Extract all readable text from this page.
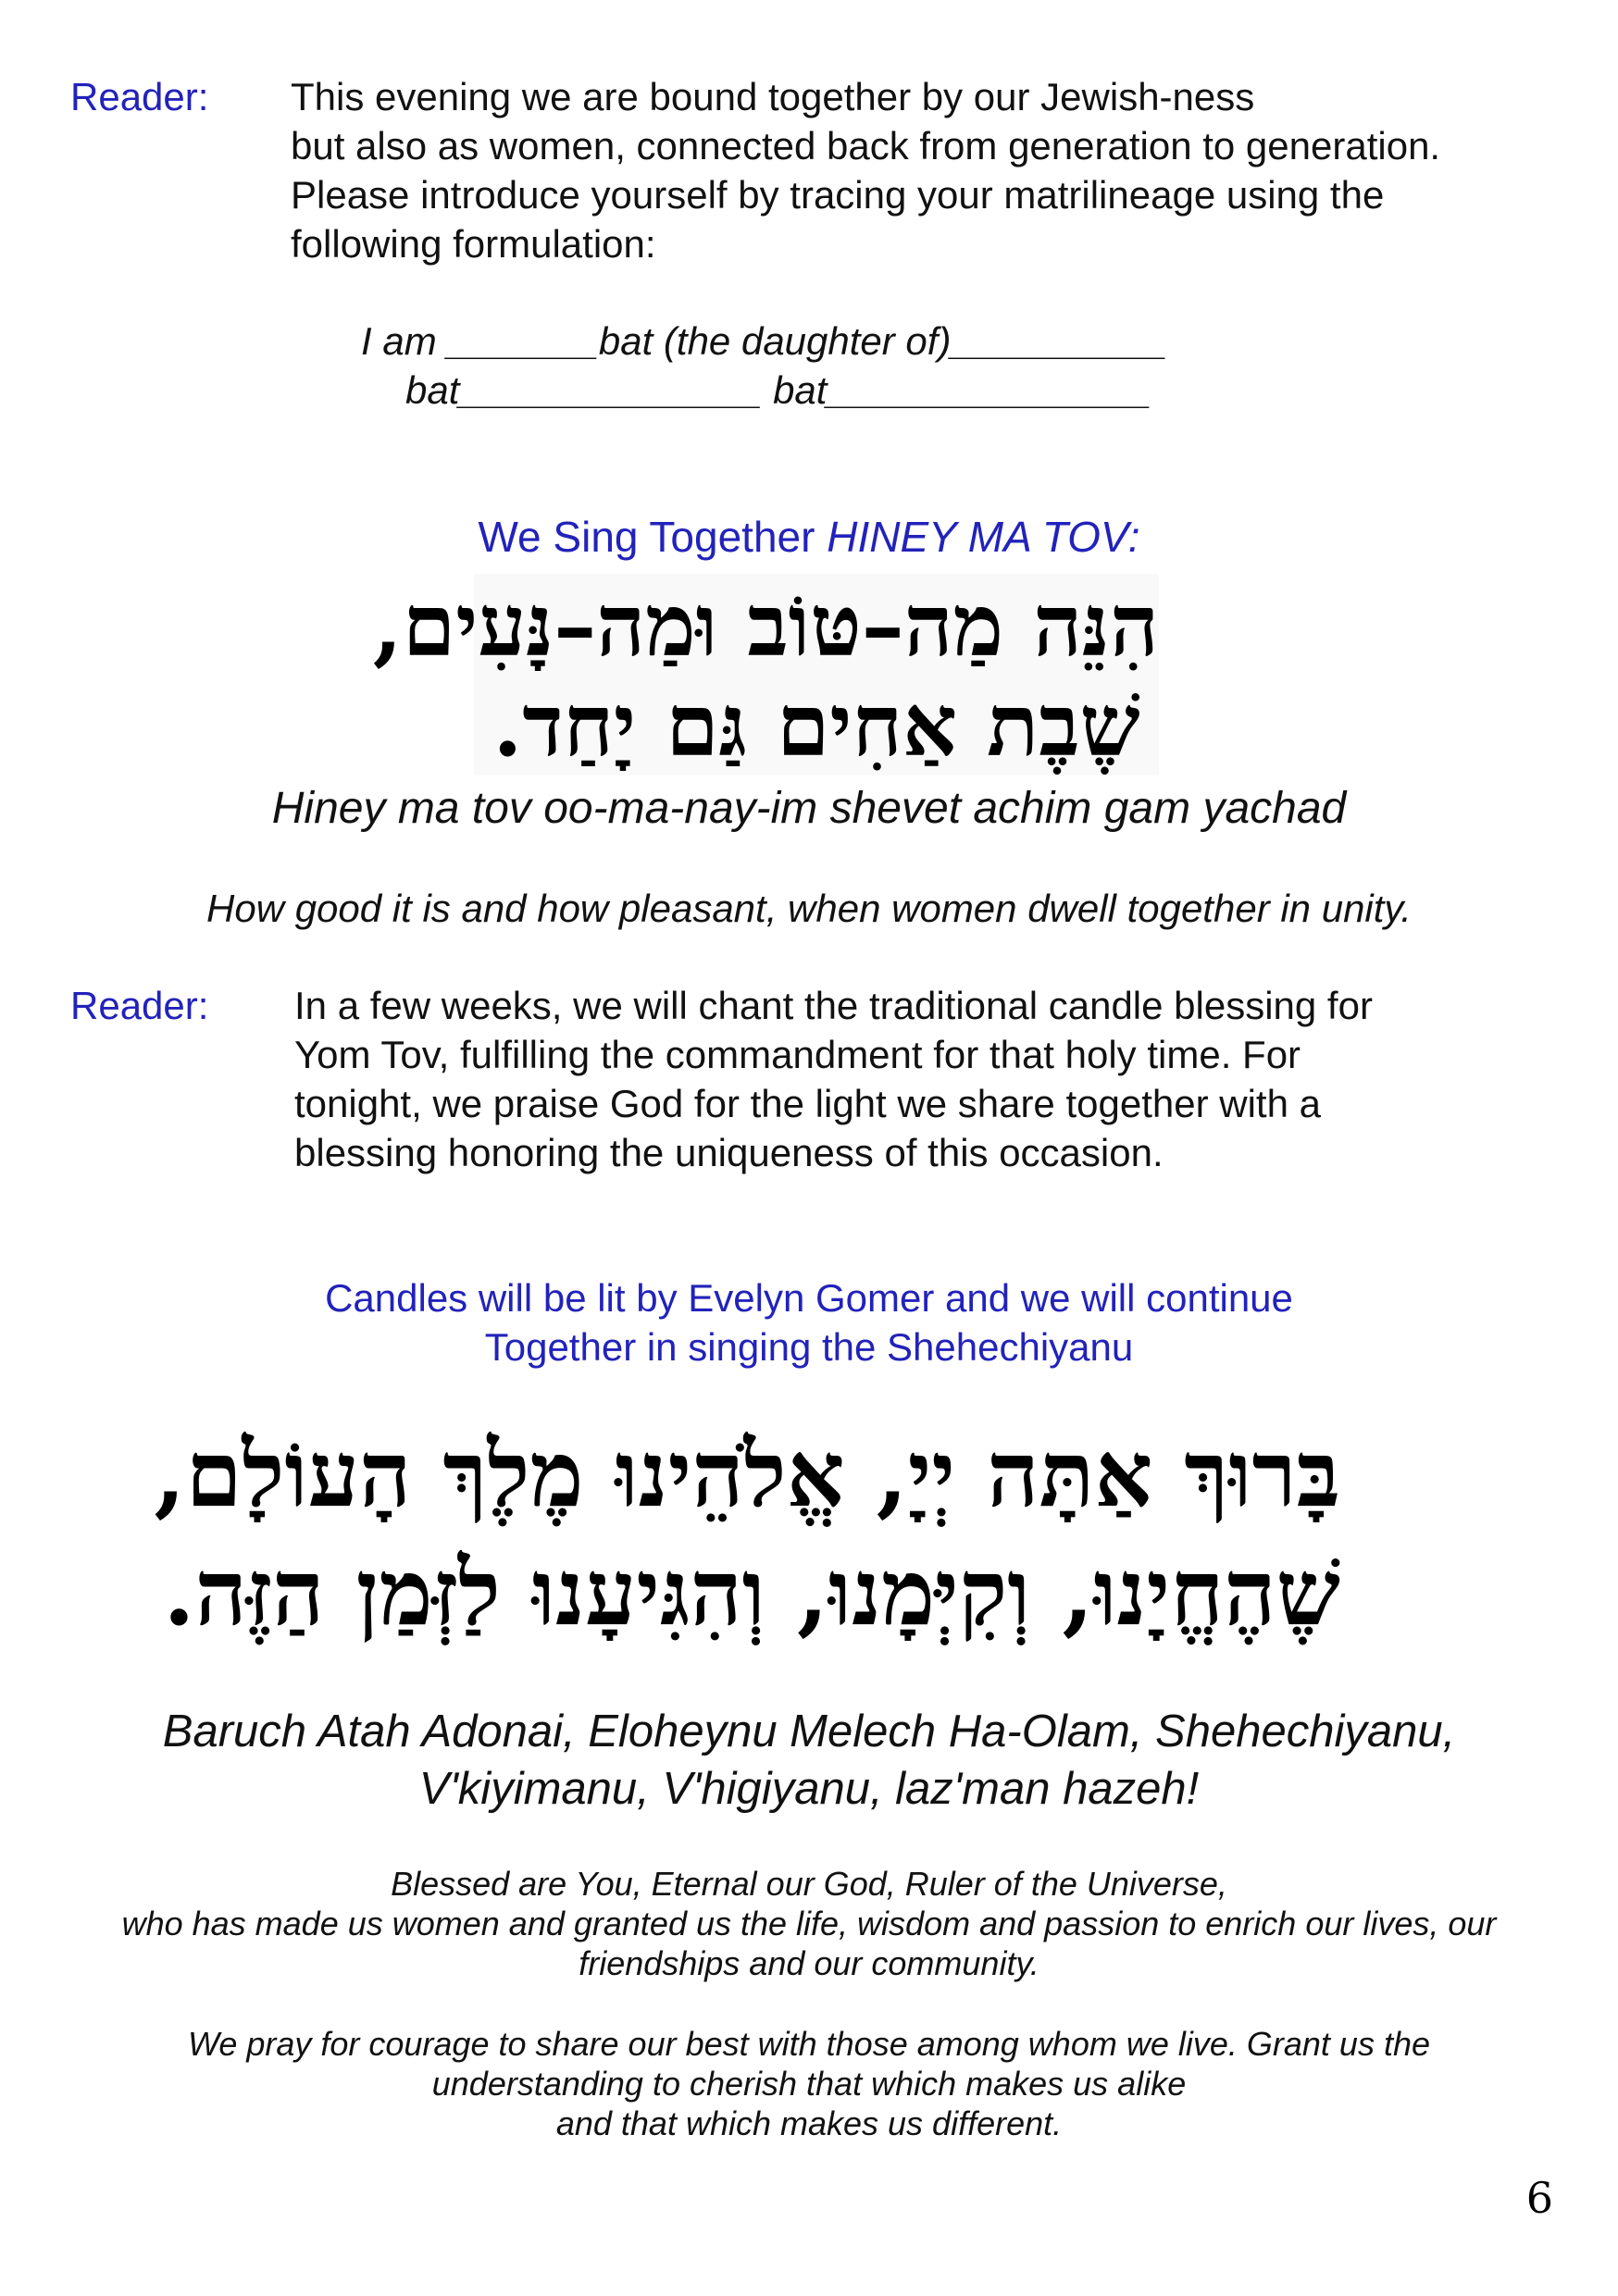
Reader: This evening we are bound together by our Jewish-ness
but also as women, connected back from generation to generation.
Please introduce yourself by tracing your matrilineage using the
following formulation:
I am _______bat (the daughter of)__________
bat______________ bat_______________
We Sing Together HINEY MA TOV:
הִנֵּה מַה–טּוֹב וּמַה–נָּעִים,
שֶׁבֶת אַחִים גַּם יָחַד.
Hiney ma tov oo-ma-nay-im shevet achim gam yachad
How good it is and how pleasant, when women dwell together in unity.
Reader: In a few weeks, we will chant the traditional candle blessing for
Yom Tov, fulfilling the commandment for that holy time. For
tonight, we praise God for the light we share together with a
blessing honoring the uniqueness of this occasion.
Candles will be lit by Evelyn Gomer and we will continue
Together in singing the Shehechiyanu
בָּרוּךְ אַתָּה יְיָ, אֱלֹהֵינוּ מֶלֶךְ הָעוֹלָם,
שֶׁהֶחֱיָנוּ, וְקִיְּמָנוּ, וְהִגִּיעָנוּ לַזְּמַן הַזֶּה.
Baruch Atah Adonai, Eloheynu Melech Ha-Olam, Shehechiyanu,
V'kiyimanu, V'higiyanu, laz'man hazeh!
Blessed are You, Eternal our God, Ruler of the Universe,
who has made us women and granted us the life, wisdom and passion to enrich our lives, our
friendships and our community.
We pray for courage to share our best with those among whom we live. Grant us the
understanding to cherish that which makes us alike
and that which makes us different.
6
